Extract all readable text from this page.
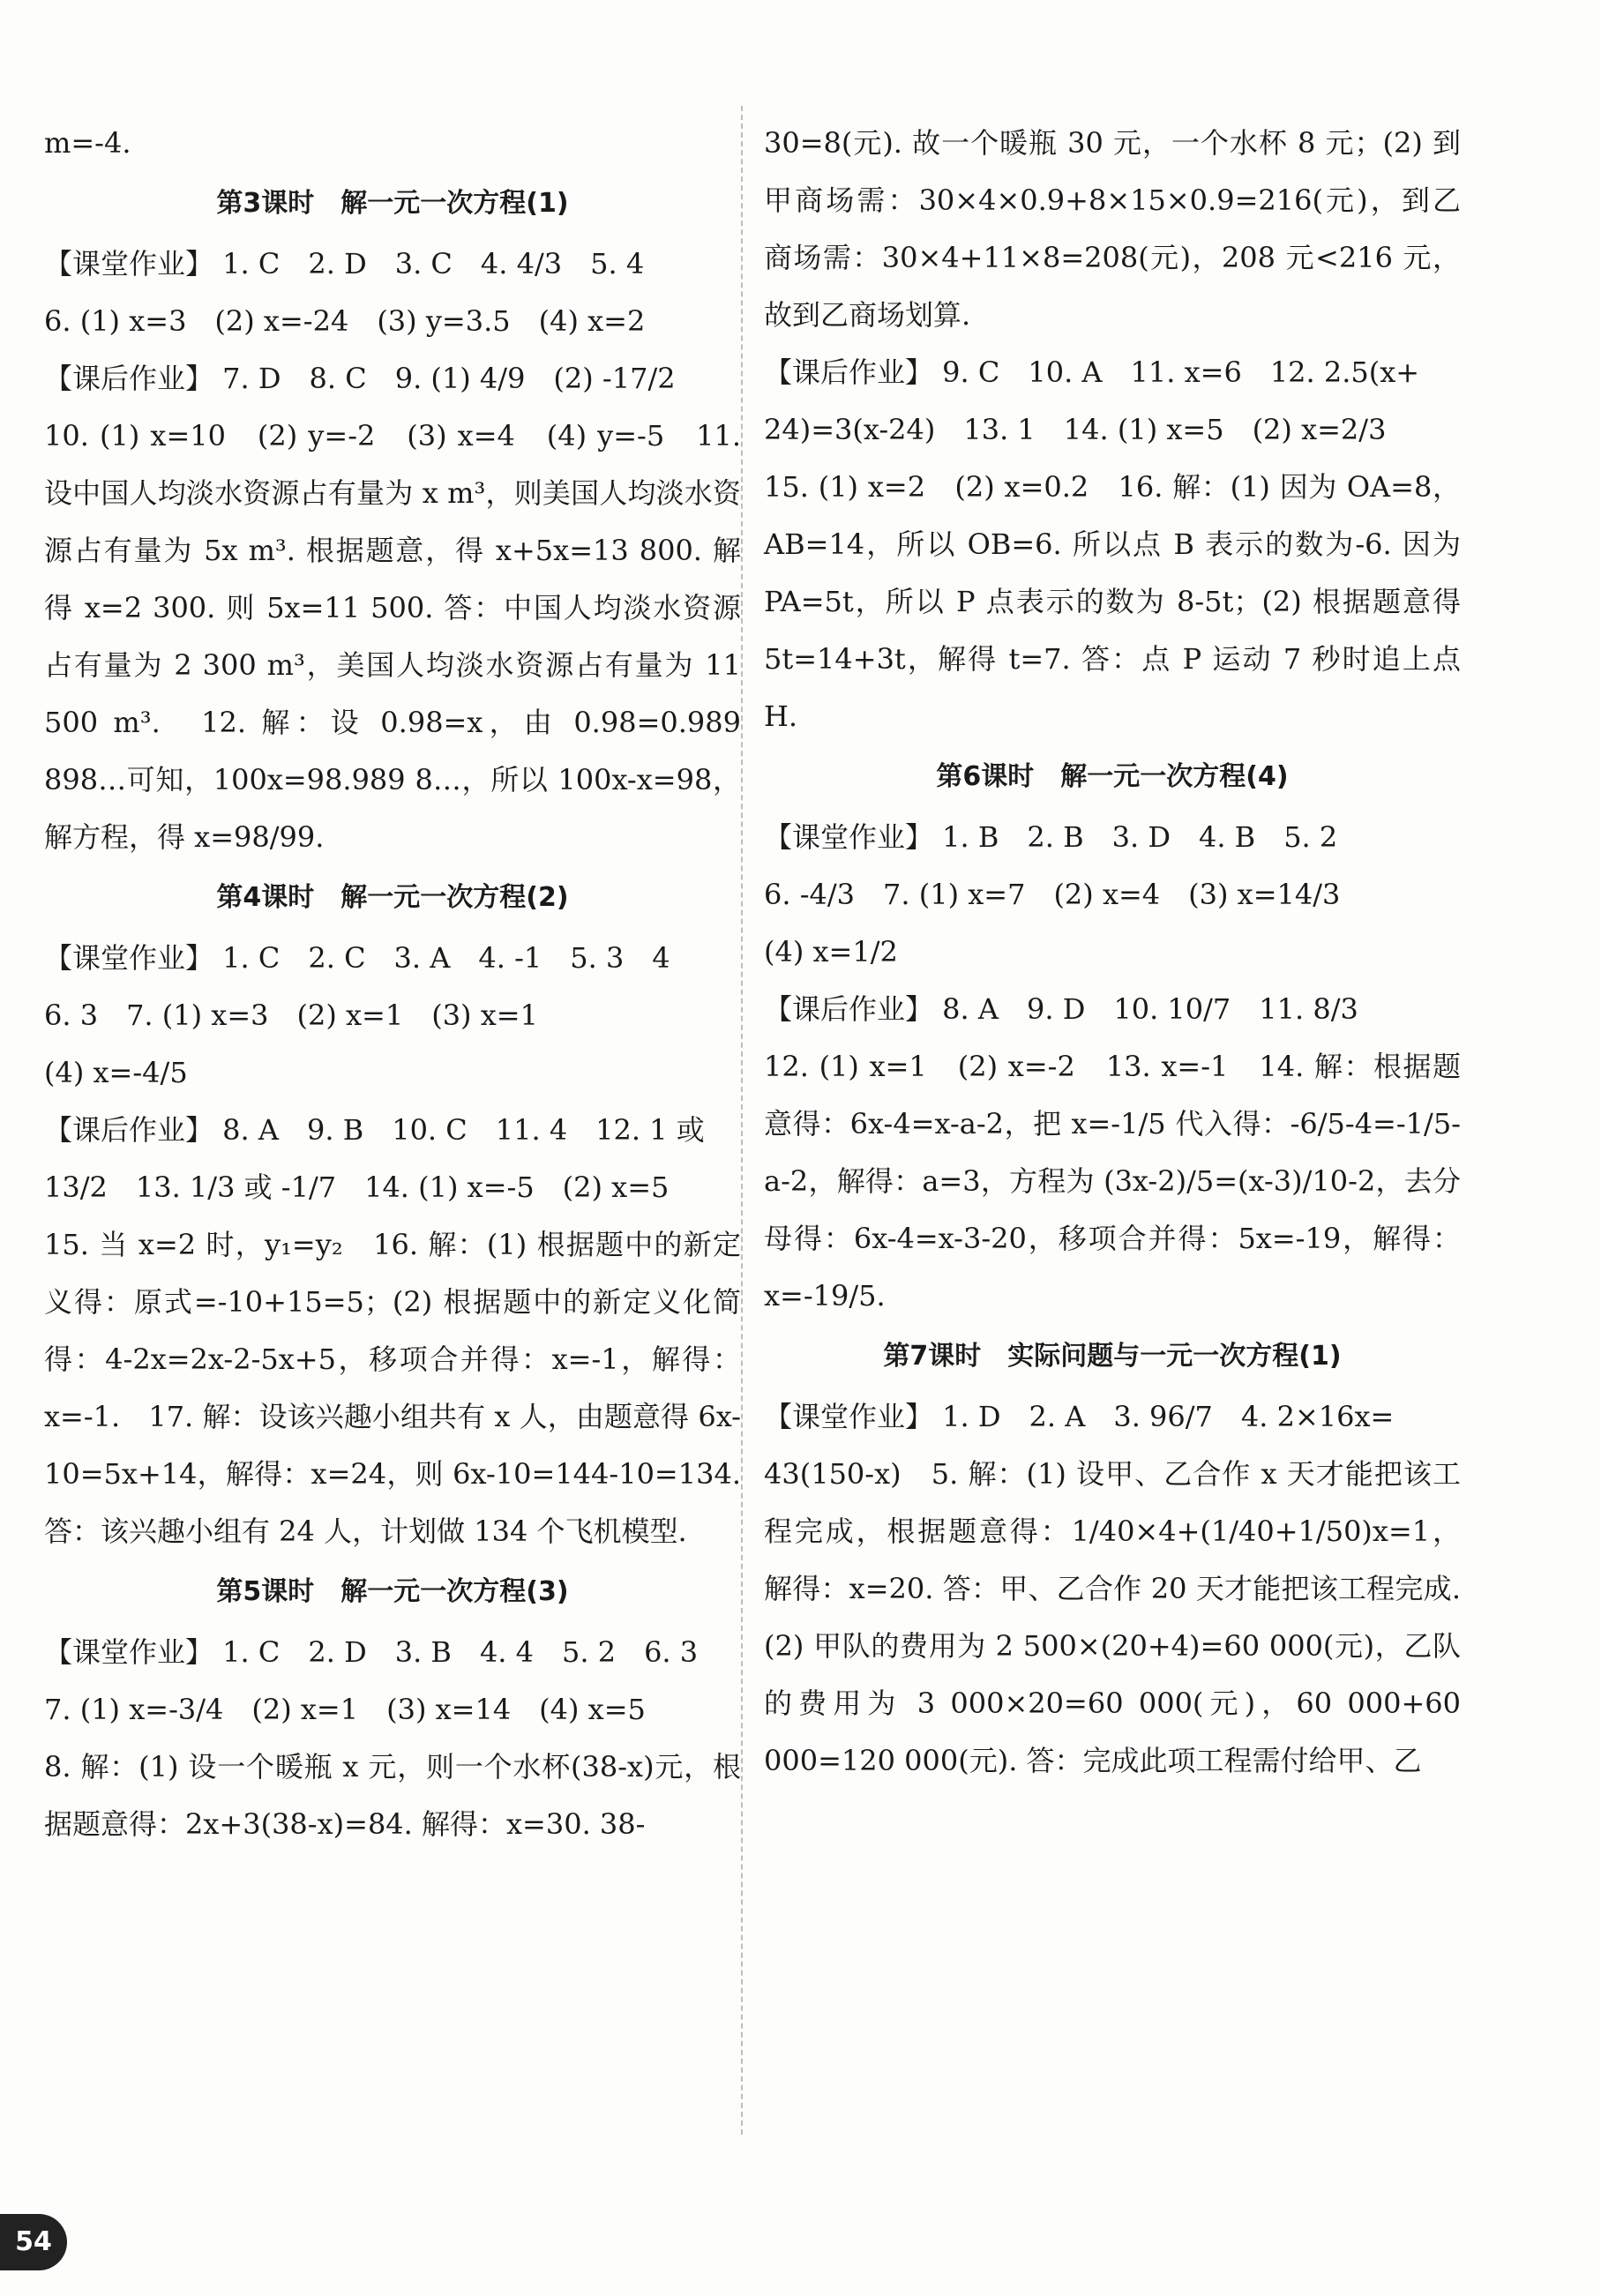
m=-4.
第3课时　解一元一次方程(1)
【课堂作业】 1. C　2. D　3. C　4. 4/3　5. 4
6. (1) x=3　(2) x=-24　(3) y=3.5　(4) x=2
【课后作业】 7. D　8. C　9. (1) 4/9　(2) -17/2
10. (1) x=10　(2) y=-2　(3) x=4　(4) y=-5　11. 设中国人均淡水资源占有量为 x m³，则美国人均淡水资源占有量为 5x m³. 根据题意，得 x+5x=13 800. 解得 x=2 300. 则 5x=11 500. 答：中国人均淡水资源占有量为 2 300 m³，美国人均淡水资源占有量为 11 500 m³.　12. 解：设 0.98=x，由 0.98=0.989 898…可知，100x=98.989 8…，所以 100x-x=98，解方程，得 x=98/99.
第4课时　解一元一次方程(2)
【课堂作业】 1. C　2. C　3. A　4. -1　5. 3　4
6. 3　7. (1) x=3　(2) x=1　(3) x=1
(4) x=-4/5
【课后作业】 8. A　9. B　10. C　11. 4　12. 1 或
13/2　13. 1/3 或 -1/7　14. (1) x=-5　(2) x=5
15. 当 x=2 时，y₁=y₂　16. 解：(1) 根据题中的新定义得：原式=-10+15=5；(2) 根据题中的新定义化简得：4-2x=2x-2-5x+5，移项合并得：x=-1，解得：x=-1.　17. 解：设该兴趣小组共有 x 人，由题意得 6x-10=5x+14，解得：x=24，则 6x-10=144-10=134. 答：该兴趣小组有 24 人，计划做 134 个飞机模型.
第5课时　解一元一次方程(3)
【课堂作业】 1. C　2. D　3. B　4. 4　5. 2　6. 3
7. (1) x=-3/4　(2) x=1　(3) x=14　(4) x=5
8. 解：(1) 设一个暖瓶 x 元，则一个水杯(38-x)元，根据题意得：2x+3(38-x)=84. 解得：x=30. 38-
30=8(元). 故一个暖瓶 30 元，一个水杯 8 元；(2) 到甲商场需：30×4×0.9+8×15×0.9=216(元)，到乙商场需：30×4+11×8=208(元)，208 元<216 元，故到乙商场划算.
【课后作业】 9. C　10. A　11. x=6　12. 2.5(x+
24)=3(x-24)　13. 1　14. (1) x=5　(2) x=2/3
15. (1) x=2　(2) x=0.2　16. 解：(1) 因为 OA=8，AB=14，所以 OB=6. 所以点 B 表示的数为-6. 因为 PA=5t，所以 P 点表示的数为 8-5t；(2) 根据题意得 5t=14+3t，解得 t=7. 答：点 P 运动 7 秒时追上点 H.
第6课时　解一元一次方程(4)
【课堂作业】 1. B　2. B　3. D　4. B　5. 2
6. -4/3　7. (1) x=7　(2) x=4　(3) x=14/3
(4) x=1/2
【课后作业】 8. A　9. D　10. 10/7　11. 8/3
12. (1) x=1　(2) x=-2　13. x=-1　14. 解：根据题意得：6x-4=x-a-2，把 x=-1/5 代入得：-6/5-4=-1/5-a-2，解得：a=3，方程为 (3x-2)/5=(x-3)/10-2，去分母得：6x-4=x-3-20，移项合并得：5x=-19，解得：x=-19/5.
第7课时　实际问题与一元一次方程(1)
【课堂作业】 1. D　2. A　3. 96/7　4. 2×16x=
43(150-x)　5. 解：(1) 设甲、乙合作 x 天才能把该工程完成，根据题意得：1/40×4+(1/40+1/50)x=1，解得：x=20. 答：甲、乙合作 20 天才能把该工程完成. (2) 甲队的费用为 2 500×(20+4)=60 000(元)，乙队的费用为 3 000×20=60 000(元)，60 000+60 000=120 000(元). 答：完成此项工程需付给甲、乙
54
